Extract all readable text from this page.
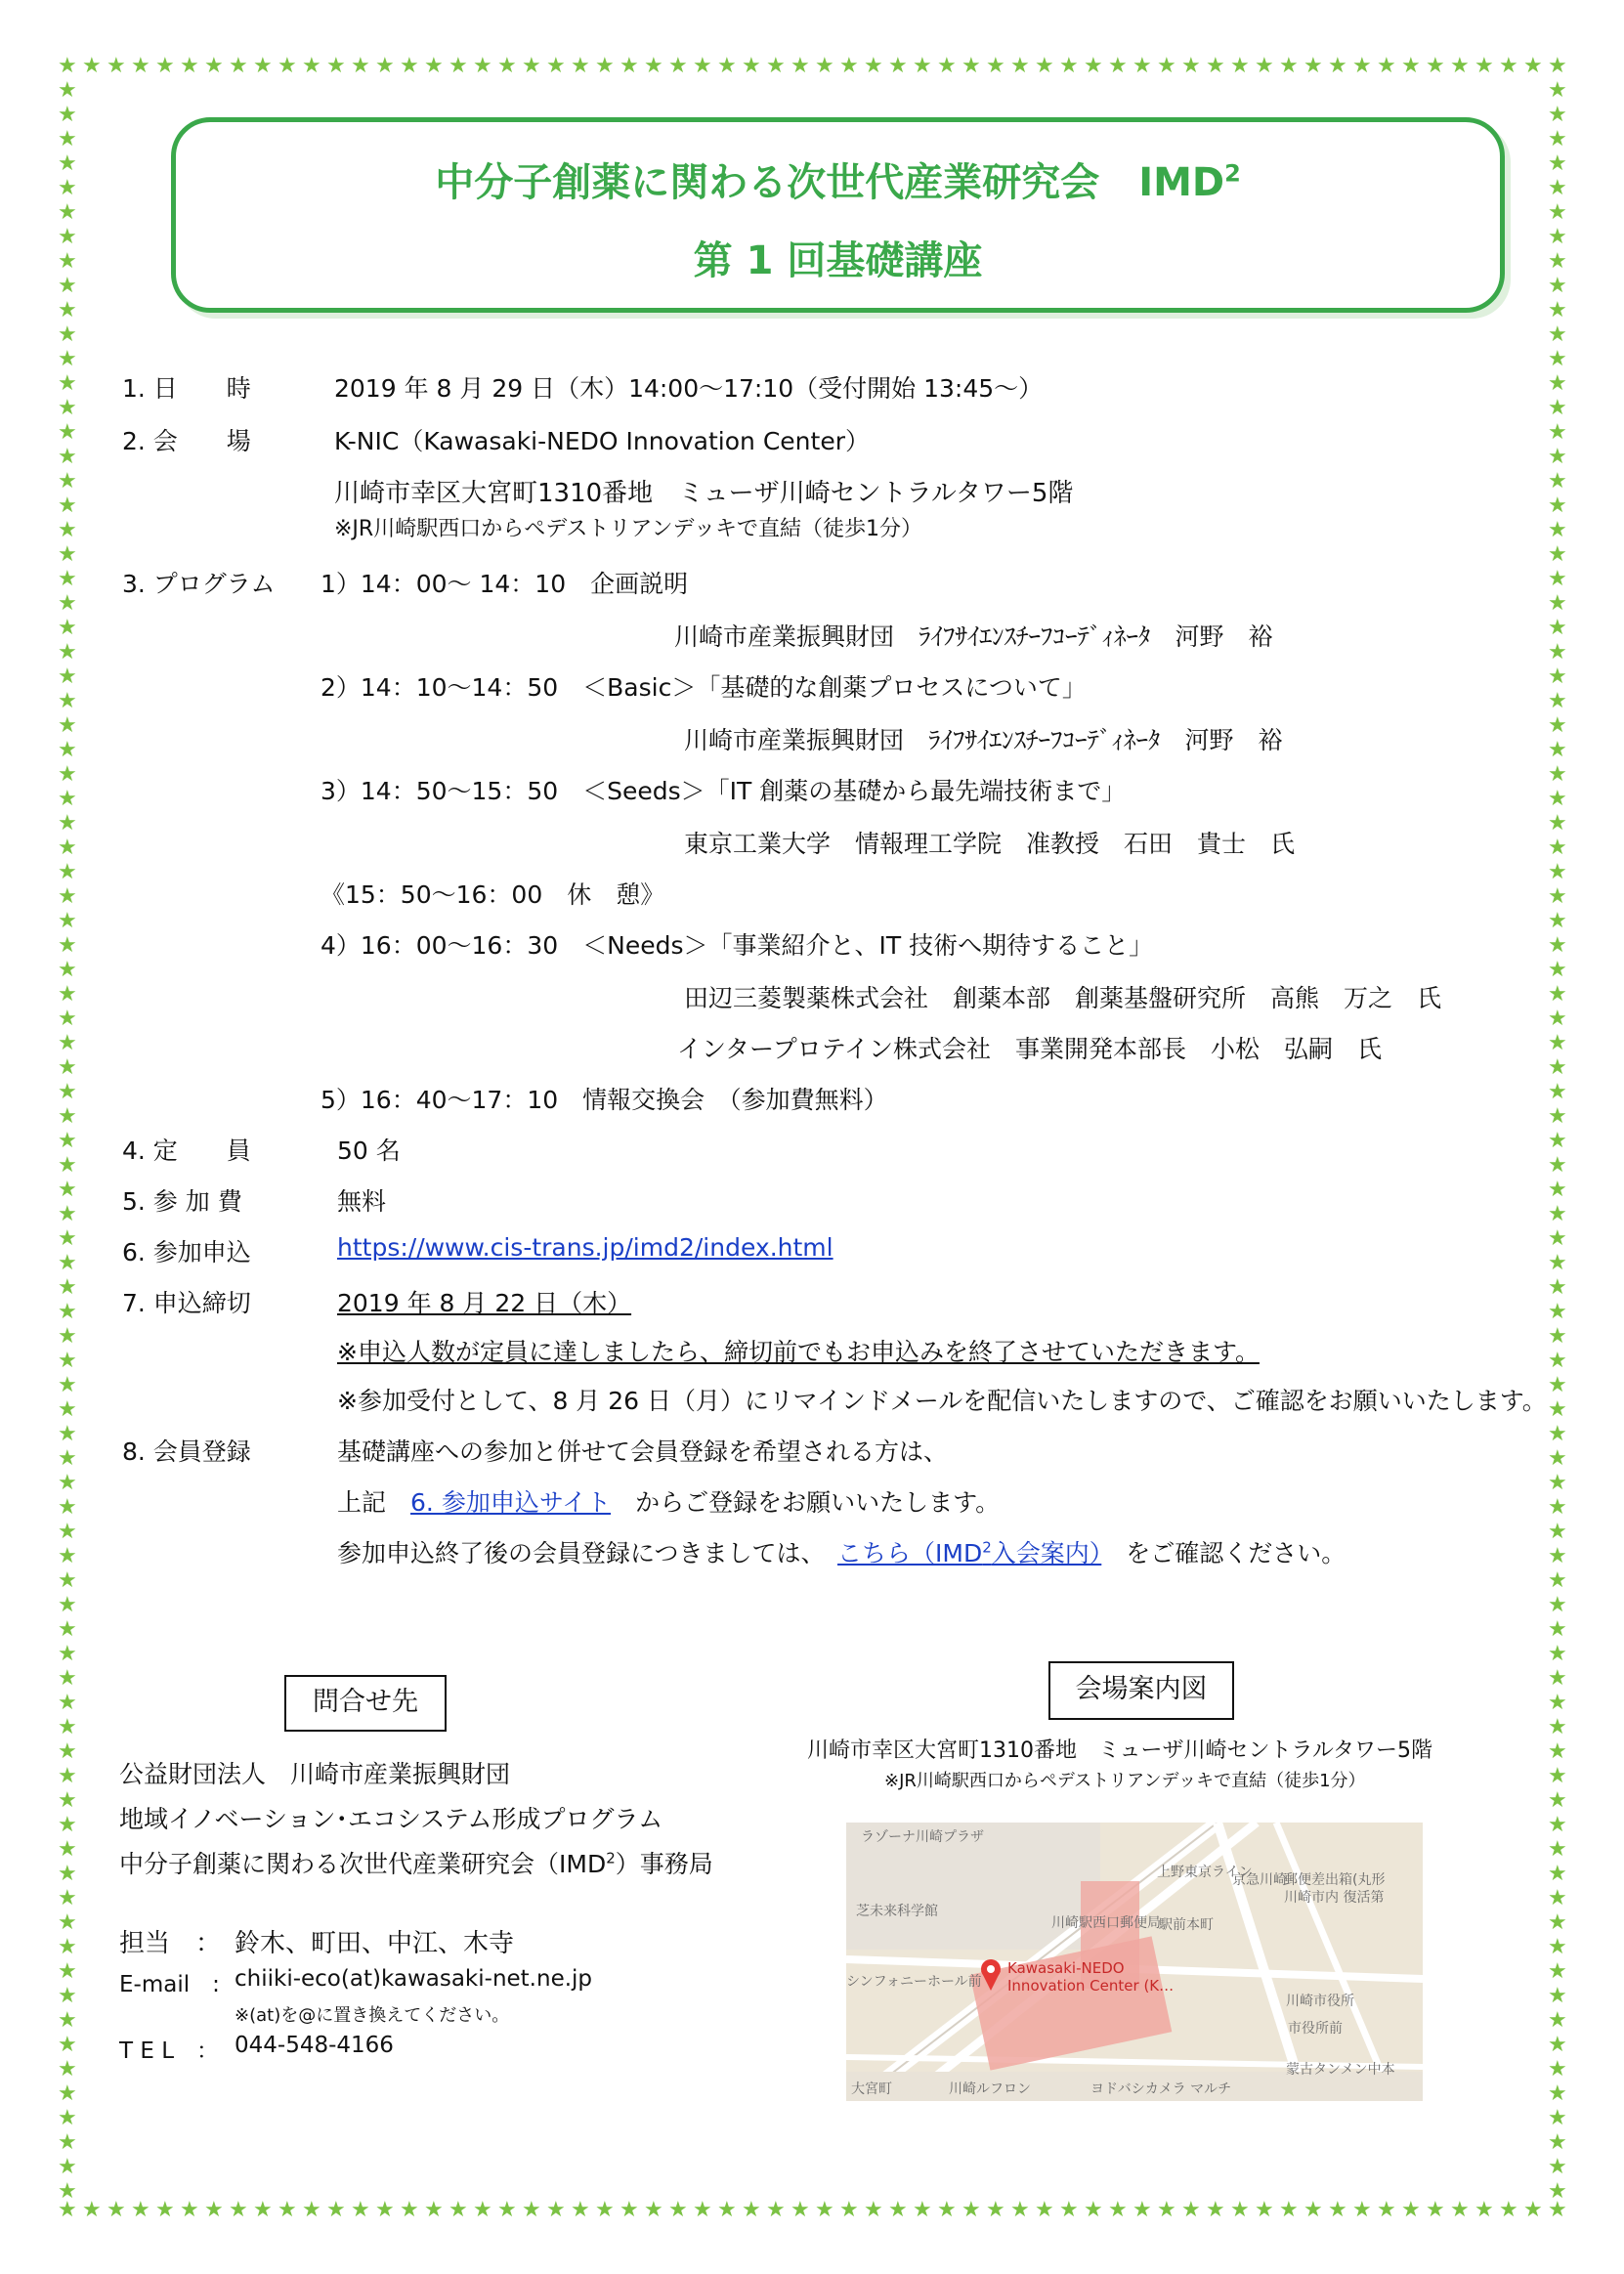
★
★
★
★
★
★
★
★
★
★
★
★
★
★
★
★
★
★
★
★
★
★
★
★
★
★
★
★
★
★
★
★
★
★
★
★
★
★
★
★
★
★
★
★
★
★
★
★
★
★
★
★
★
★
★
★
★
★
★
★
★
★
★
★
★
★
★
★
★
★
★
★
★
★
★
★
★
★
★
★
★
★
★
★
★
★
★
★
★
★
★
★
★
★
★
★
★
★
★
★
★
★
★
★
★
★
★
★
★
★
★
★
★
★
★
★
★
★
★
★
★
★
★
★
★	★
★	★
★	★
★	★
★	★
★	★
★	★
★	★
★	★
★	★
★	★
★	★
★	★
★	★
★	★
★	★
★	★
★	★
★	★
★	★
★	★
★	★
★	★
★	★
★	★
★	★
★	★
★	★
★	★
★	★
★	★
★	★
★	★
★	★
★	★
★	★
★	★
★	★
★	★
★	★
★	★
★	★
★	★
★	★
★	★
★	★
★	★
★	★
★	★
★	★
★	★
★	★
★	★
★	★
★	★
★	★
★	★
★	★
★	★
★	★
★	★
★	★
★	★
★	★
★	★
★	★
★	★
★	★
★	★
★	★
★	★
★	★
★	★
★	★
★	★
★	★
★	★
★	★
★	★
★	★
★	★
★	★
★	★
★	★
★	★
★	★
★	★
中分子創薬に関わる次世代産業研究会　IMD$^2$
第 1 回基礎講座
1. 日　　時	2019 年 8 月 29 日（木）14:00～17:10（受付開始 13:45～）
2. 会　　場	K-NIC（Kawasaki-NEDO Innovation Center）
川崎市幸区大宮町1310番地　ミューザ川崎セントラルタワー5階
※JR川崎駅西口からペデストリアンデッキで直結（徒歩1分）
3. プログラム 1）14：00～ 14：10　企画説明
川崎市産業振興財団　ﾗｲﾌｻｲｴﾝｽﾁｰﾌｺｰﾃﾞｨﾈｰﾀ　河野　裕
2）14：10～14：50　＜Basic＞「基礎的な創薬プロセスについて」
川崎市産業振興財団　ﾗｲﾌｻｲｴﾝｽﾁｰﾌｺｰﾃﾞｨﾈｰﾀ　河野　裕
3）14：50～15：50　＜Seeds＞「IT 創薬の基礎から最先端技術まで」
東京工業大学　情報理工学院　准教授　石田　貴士　氏
《15：50～16：00　休　憩》
4）16：00～16：30　＜Needs＞「事業紹介と、IT 技術へ期待すること」
田辺三菱製薬株式会社　創薬本部　創薬基盤研究所　高熊　万之　氏
インタープロテイン株式会社　事業開発本部長　小松　弘嗣　氏
5）16：40～17：10　情報交換会　（参加費無料）
4. 定　　員	50 名
5. 参 加 費	無料
6. 参加申込	https://www.cis-trans.jp/imd2/index.html
7. 申込締切	2019 年 8 月 22 日（木）
※申込人数が定員に達しましたら、締切前でもお申込みを終了させていただきます。
※参加受付として、8 月 26 日（月）にリマインドメールを配信いたしますので、ご確認をお願いいたします。
8. 会員登録	基礎講座への参加と併せて会員登録を希望される方は、
上記　6. 参加申込サイト　からご登録をお願いいたします。
参加申込終了後の会員登録につきましては、　こちら（IMD$^2$入会案内）　をご確認ください。
問合せ先
公益財団法人　川崎市産業振興財団
地域イノベーション･エコシステム形成プログラム
中分子創薬に関わる次世代産業研究会（IMD$^2$）事務局
担当　： 鈴木、町田、中江、木寺
E-mail　: chiiki-eco(at)kawasaki-net.ne.jp
※(at)を@に置き換えてください。
T E L　： 044-548-4166
会場案内図
川崎市幸区大宮町1310番地　ミューザ川崎セントラルタワー5階
※JR川崎駅西口からペデストリアンデッキで直結（徒歩1分）
Kawasaki-NEDO
Innovation Center (K…
ラゾーナ川崎プラザ
京急川崎
郵便差出箱(丸形
川崎市内 復活第
芝未来科学館
川崎駅西口郵便局
駅前本町
シンフォニーホール前
川崎市役所
市役所前
大宮町	川崎ルフロン	ヨドバシカメラ マルチ
蒙古タンメン中本
上野東京ライン
